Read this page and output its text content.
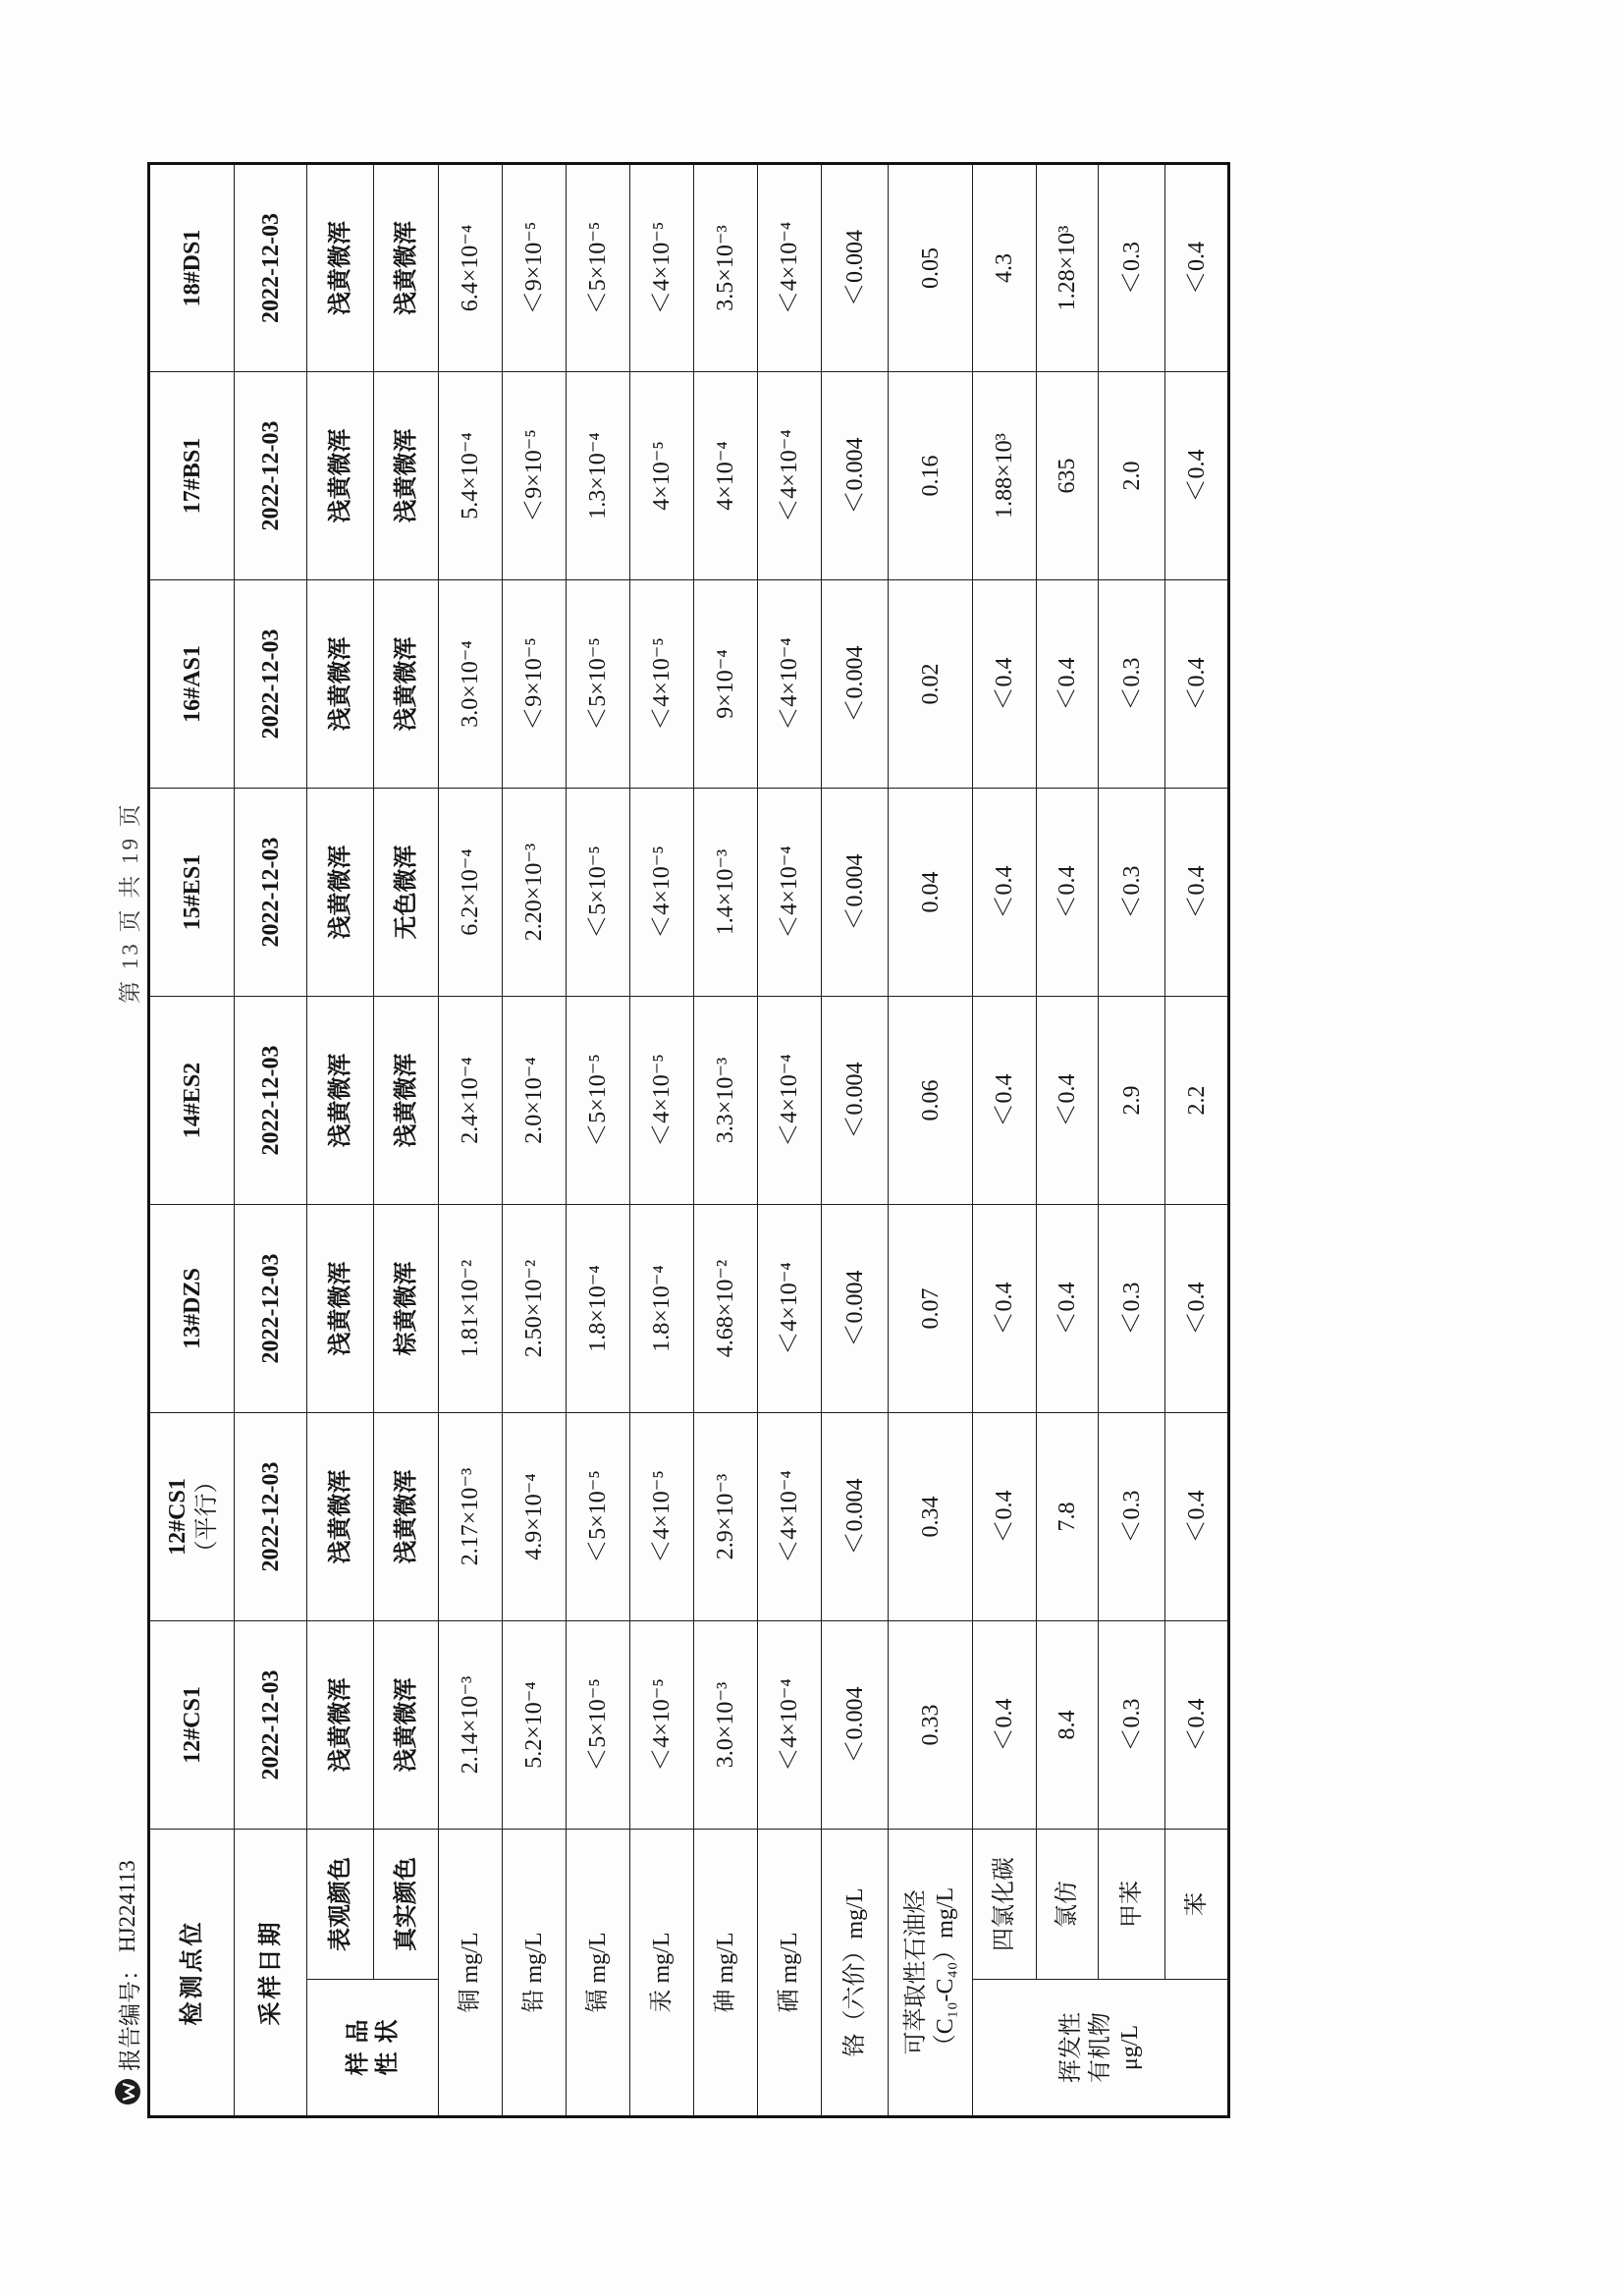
报告编号：
HJ224113
第 13 页 共 19 页
检测点位		12#CS1	12#CS1 （平行）	13#DZS	14#ES2	15#ES1	16#AS1	17#BS1	18#DS1
采样日期		2022-12-03	2022-12-03	2022-12-03	2022-12-03	2022-12-03	2022-12-03	2022-12-03	2022-12-03

样品 性状	表观颜色	浅黄微浑	浅黄微浑	浅黄微浑	浅黄微浑	浅黄微浑	浅黄微浑	浅黄微浑	浅黄微浑
	真实颜色	浅黄微浑	浅黄微浑	棕黄微浑	浅黄微浑	无色微浑	浅黄微浑	浅黄微浑	浅黄微浑
铜 mg/L		2.14×10⁻³	2.17×10⁻³	1.81×10⁻²	2.4×10⁻⁴	6.2×10⁻⁴	3.0×10⁻⁴	5.4×10⁻⁴	6.4×10⁻⁴
铅 mg/L		5.2×10⁻⁴	4.9×10⁻⁴	2.50×10⁻²	2.0×10⁻⁴	2.20×10⁻³	＜9×10⁻⁵	＜9×10⁻⁵	＜9×10⁻⁵
镉 mg/L		＜5×10⁻⁵	＜5×10⁻⁵	1.8×10⁻⁴	＜5×10⁻⁵	＜5×10⁻⁵	＜5×10⁻⁵	1.3×10⁻⁴	＜5×10⁻⁵
汞 mg/L		＜4×10⁻⁵	＜4×10⁻⁵	1.8×10⁻⁴	＜4×10⁻⁵	＜4×10⁻⁵	＜4×10⁻⁵	4×10⁻⁵	＜4×10⁻⁵
砷 mg/L		3.0×10⁻³	2.9×10⁻³	4.68×10⁻²	3.3×10⁻³	1.4×10⁻³	9×10⁻⁴	4×10⁻⁴	3.5×10⁻³
硒 mg/L		＜4×10⁻⁴	＜4×10⁻⁴	＜4×10⁻⁴	＜4×10⁻⁴	＜4×10⁻⁴	＜4×10⁻⁴	＜4×10⁻⁴	＜4×10⁻⁴
铬（六价）mg/L		＜0.004	＜0.004	＜0.004	＜0.004	＜0.004	＜0.004	＜0.004	＜0.004

可萃取性石油烃 （C₁₀-C₄₀）mg/L		0.33	0.34	0.07	0.06	0.04	0.02	0.16	0.05

挥发性 有机物 μg/L	四氯化碳	＜0.4	＜0.4	＜0.4	＜0.4	＜0.4	＜0.4	1.88×10³	4.3
	氯仿	8.4	7.8	＜0.4	＜0.4	＜0.4	＜0.4	635	1.28×10³
	甲苯	＜0.3	＜0.3	＜0.3	2.9	＜0.3	＜0.3	2.0	＜0.3
	苯	＜0.4	＜0.4	＜0.4	2.2	＜0.4	＜0.4	＜0.4	＜0.4
